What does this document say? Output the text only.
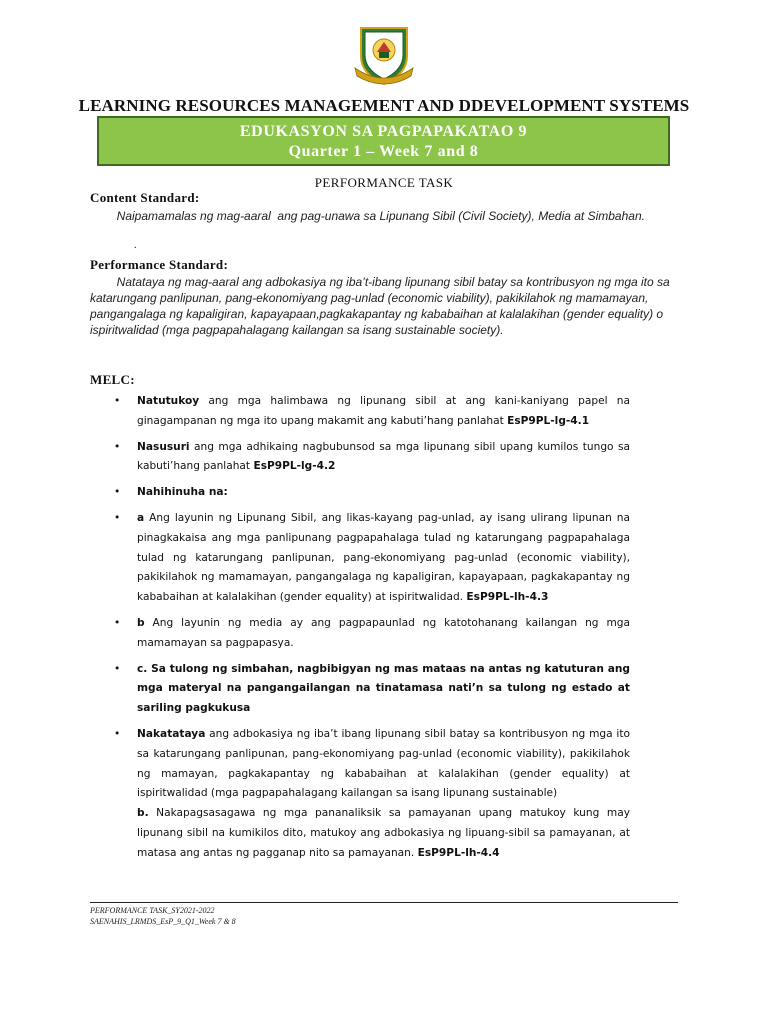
LEARNING RESOURCES MANAGEMENT AND DDEVELOPMENT SYSTEMS
EDUKASYON SA PAGPAPAKATAO 9
Quarter 1 – Week 7 and 8
PERFORMANCE TASK
Content Standard:
Naipamamalas ng mag-aaral  ang pag-unawa sa Lipunang Sibil (Civil Society), Media at Simbahan.
.
Performance Standard:
Natataya ng mag-aaral ang adbokasiya ng iba’t-ibang lipunang sibil batay sa kontribusyon ng mga ito sa katarungang panlipunan, pang-ekonomiyang pag-unlad (economic viability), pakikilahok ng mamamayan, pangangalaga ng kapaligiran, kapayapaan,pagkakapantay ng kababaihan at kalalakihan (gender equality) o ispiritwalidad (mga pagpapahalagang kailangan sa isang sustainable society).
MELC:
• Natutukoy ang mga halimbawa ng lipunang sibil at ang kani-kaniyang papel na ginagampanan ng mga ito upang makamit ang kabuti’hang panlahat EsP9PL-lg-4.1
• Nasusuri ang mga adhikaing nagbubunsod sa mga lipunang sibil upang kumilos tungo sa kabuti’hang panlahat EsP9PL-lg-4.2
• Nahihinuha na:
• a Ang layunin ng Lipunang Sibil, ang likas-kayang pag-unlad, ay isang ulirang lipunan na pinagkakaisa ang mga panlipunang pagpapahalaga tulad ng katarungang pagpapahalaga tulad ng katarungang panlipunan, pang-ekonomiyang pag-unlad (economic viability), pakikilahok ng mamamayan, pangangalaga ng kapaligiran, kapayapaan, pagkakapantay ng kababaihan at kalalakihan (gender equality) at ispiritwalidad. EsP9PL-lh-4.3
• b Ang layunin ng media ay ang pagpapaunlad ng katotohanang kailangan ng mga mamamayan sa pagpapasya.
• c. Sa tulong ng simbahan, nagbibigyan ng mas mataas na antas ng katuturan ang mga materyal na pangangailangan na tinatamasa nati’n sa tulong ng estado at sariling pagkukusa
• Nakatataya ang adbokasiya ng iba’t ibang lipunang sibil batay sa kontribusyon ng mga ito sa katarungang panlipunan, pang-ekonomiyang pag-unlad (economic viability), pakikilahok ng mamayan, pagkakapantay ng kababaihan at kalalakihan (gender equality) at ispiritwalidad (mga pagpapahalagang kailangan sa isang lipunang sustainable)
b. Nakapagsasagawa ng mga pananaliksik sa pamayanan upang matukoy kung may lipunang sibil na kumikilos dito, matukoy ang adbokasiya ng lipuang-sibil sa pamayanan, at matasa ang antas ng pagganap nito sa pamayanan. EsP9PL-lh-4.4
PERFORMANCE TASK_SY2021-2022
SAENAHIS_LRMDS_EsP_9_Q1_Week 7 & 8
